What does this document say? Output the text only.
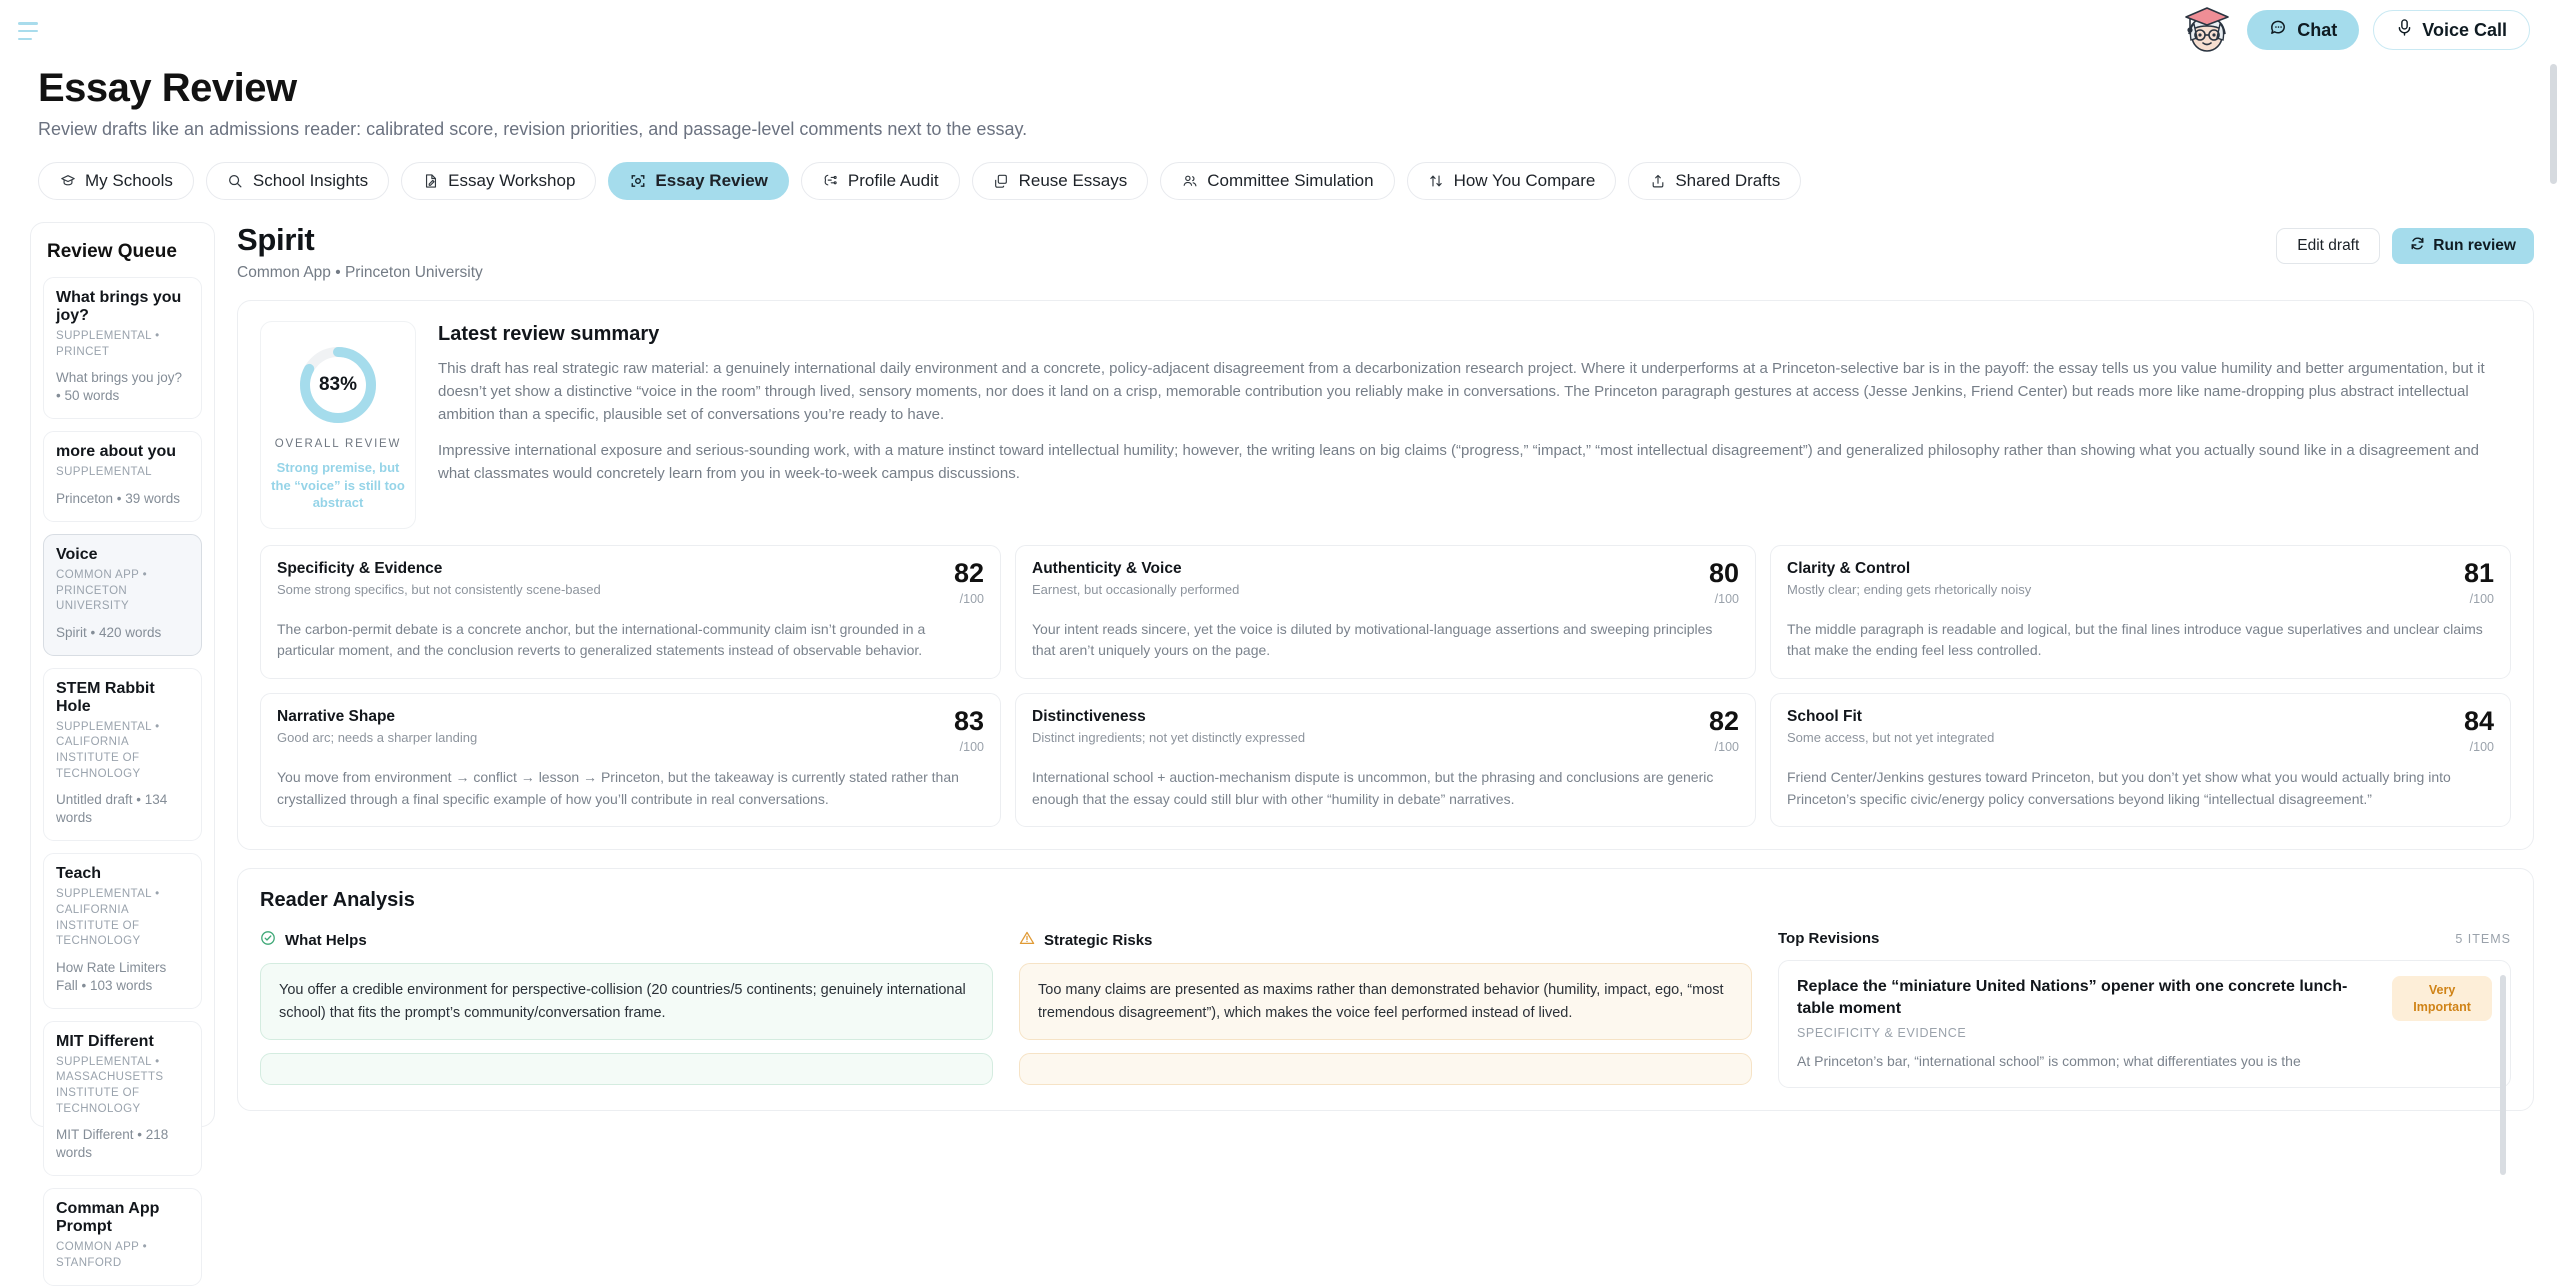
Chat	Voice Call
Essay Review
Review drafts like an admissions reader: calibrated score, revision priorities, and passage-level comments next to the essay.
My Schools	School Insights	Essay Workshop	Essay Review	Profile Audit	Reuse Essays	Committee Simulation	How You Compare	Shared Drafts
Review Queue
What brings you joy?
SUPPLEMENTAL • PRINCET
What brings you joy? • 50 words
more about you
SUPPLEMENTAL
Princeton • 39 words
Voice
COMMON APP • PRINCETON UNIVERSITY
Spirit • 420 words
STEM Rabbit Hole
SUPPLEMENTAL • CALIFORNIA INSTITUTE OF TECHNOLOGY
Untitled draft • 134 words
Teach
SUPPLEMENTAL • CALIFORNIA INSTITUTE OF TECHNOLOGY
How Rate Limiters Fall • 103 words
MIT Different
SUPPLEMENTAL • MASSACHUSETTS INSTITUTE OF TECHNOLOGY
MIT Different • 218 words
Comman App Prompt
COMMON APP • STANFORD
Spirit
Common App • Princeton University
Edit draft	Run review
83%
OVERALL REVIEW
Strong premise, but the “voice” is still too abstract
Latest review summary

This draft has real strategic raw material: a genuinely international daily environment and a concrete, policy-adjacent disagreement from a decarbonization research project. Where it underperforms at a Princeton-selective bar is in the payoff: the essay tells us you value humility and better argumentation, but it doesn’t yet show a distinctive “voice in the room” through lived, sensory moments, nor does it land on a crisp, memorable contribution you reliably make in conversations. The Princeton paragraph gestures at access (Jesse Jenkins, Friend Center) but reads more like name-dropping plus abstract intellectual ambition than a specific, plausible set of conversations you’re ready to have.

Impressive international exposure and serious-sounding work, with a mature instinct toward intellectual humility; however, the writing leans on big claims (“progress,” “impact,” “most intellectual disagreement”) and generalized philosophy rather than showing what you actually sound like in a disagreement and what classmates would concretely learn from you in week-to-week campus discussions.

Specificity & Evidence
Some strong specifics, but not consistently scene-based
82
/100
The carbon-permit debate is a concrete anchor, but the international-community claim isn’t grounded in a particular moment, and the conclusion reverts to generalized statements instead of observable behavior.
Authenticity & Voice
Earnest, but occasionally performed
80
/100
Your intent reads sincere, yet the voice is diluted by motivational-language assertions and sweeping principles that aren’t uniquely yours on the page.
Clarity & Control
Mostly clear; ending gets rhetorically noisy
81
/100
The middle paragraph is readable and logical, but the final lines introduce vague superlatives and unclear claims that make the ending feel less controlled.
Narrative Shape
Good arc; needs a sharper landing
83
/100
You move from environment → conflict → lesson → Princeton, but the takeaway is currently stated rather than crystallized through a final specific example of how you’ll contribute in real conversations.
Distinctiveness
Distinct ingredients; not yet distinctly expressed
82
/100
International school + auction-mechanism dispute is uncommon, but the phrasing and conclusions are generic enough that the essay could still blur with other “humility in debate” narratives.
School Fit
Some access, but not yet integrated
84
/100
Friend Center/Jenkins gestures toward Princeton, but you don’t yet show what you would actually bring into Princeton’s specific civic/energy policy conversations beyond liking “intellectual disagreement.”
Reader Analysis
What Helps
You offer a credible environment for perspective-collision (20 countries/5 continents; genuinely international school) that fits the prompt’s community/conversation frame.
Strategic Risks
Too many claims are presented as maxims rather than demonstrated behavior (humility, impact, ego, “most tremendous disagreement”), which makes the voice feel performed instead of lived.
Top Revisions	5 ITEMS
Replace the “miniature United Nations” opener with one concrete lunch-table moment
SPECIFICITY & EVIDENCE
Very Important
At Princeton’s bar, “international school” is common; what differentiates you is the
